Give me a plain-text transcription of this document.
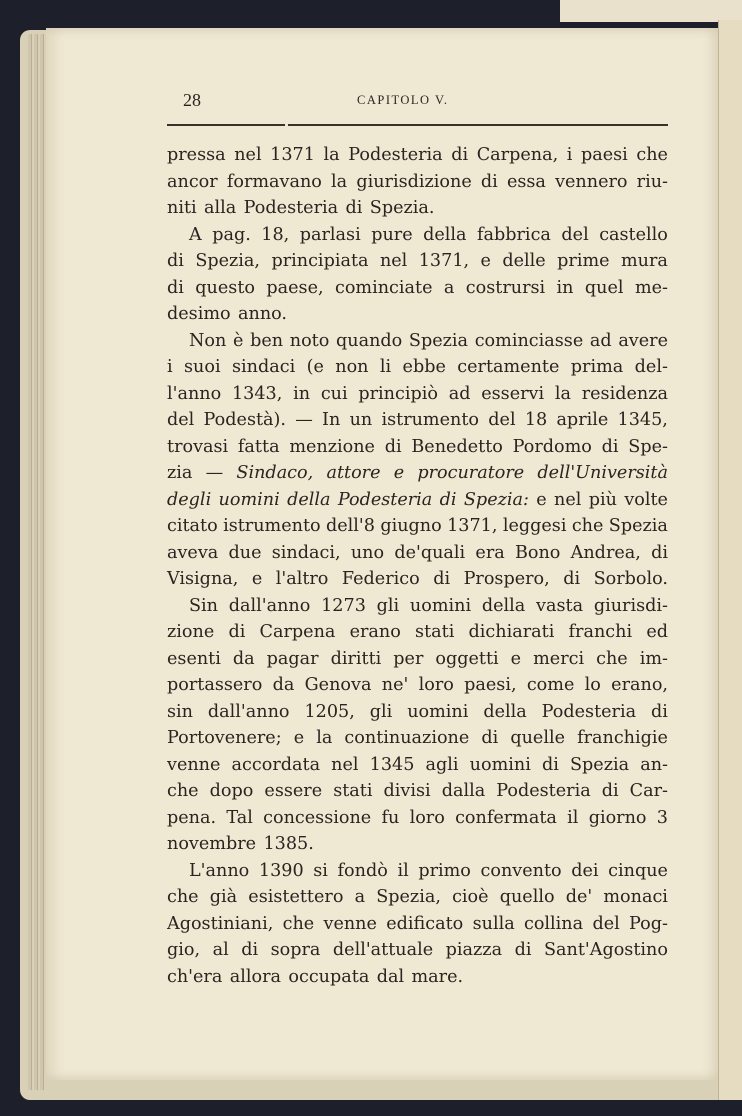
28	CAPITOLO V.
pressa nel 1371 la Podesteria di Carpena, i paesi che
ancor formavano la giurisdizione di essa vennero riu-
niti alla Podesteria di Spezia.
A pag. 18, parlasi pure della fabbrica del castello
di Spezia, principiata nel 1371, e delle prime mura
di questo paese, cominciate a costrursi in quel me-
desimo anno.
Non è ben noto quando Spezia cominciasse ad avere
i suoi sindaci (e non li ebbe certamente prima del-
l'anno 1343, in cui principiò ad esservi la residenza
del Podestà). — In un istrumento del 18 aprile 1345,
trovasi fatta menzione di Benedetto Pordomo di Spe-
zia — Sindaco, attore e procuratore dell'Università
degli uomini della Podesteria di Spezia: e nel più volte
citato istrumento dell'8 giugno 1371, leggesi che Spezia
aveva due sindaci, uno de'quali era Bono Andrea, di
Visigna, e l'altro Federico di Prospero, di Sorbolo.
Sin dall'anno 1273 gli uomini della vasta giurisdi-
zione di Carpena erano stati dichiarati franchi ed
esenti da pagar diritti per oggetti e merci che im-
portassero da Genova ne' loro paesi, come lo erano,
sin dall'anno 1205, gli uomini della Podesteria di
Portovenere; e la continuazione di quelle franchigie
venne accordata nel 1345 agli uomini di Spezia an-
che dopo essere stati divisi dalla Podesteria di Car-
pena. Tal concessione fu loro confermata il giorno 3
novembre 1385.
L'anno 1390 si fondò il primo convento dei cinque
che già esistettero a Spezia, cioè quello de' monaci
Agostiniani, che venne edificato sulla collina del Pog-
gio, al di sopra dell'attuale piazza di Sant'Agostino
ch'era allora occupata dal mare.
